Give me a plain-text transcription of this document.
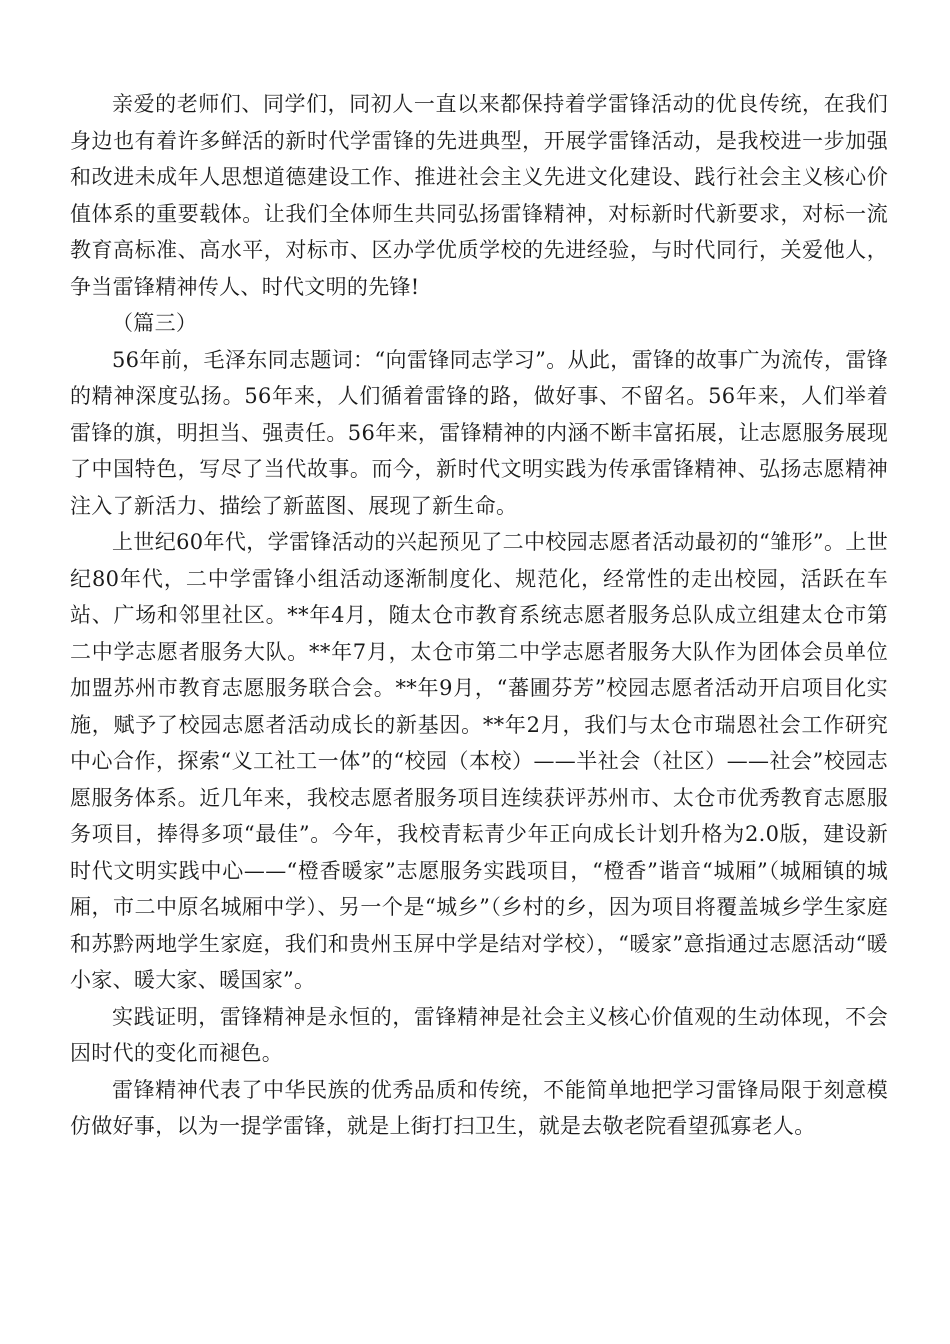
亲爱的老师们、同学们，同初人一直以来都保持着学雷锋活动的优良传统，在我们身边也有着许多鲜活的新时代学雷锋的先进典型，开展学雷锋活动，是我校进一步加强和改进未成年人思想道德建设工作、推进社会主义先进文化建设、践行社会主义核心价值体系的重要载体。让我们全体师生共同弘扬雷锋精神，对标新时代新要求，对标一流教育高标准、高水平，对标市、区办学优质学校的先进经验，与时代同行，关爱他人，争当雷锋精神传人、时代文明的先锋!

（篇三）

56年前，毛泽东同志题词：“向雷锋同志学习”。从此，雷锋的故事广为流传，雷锋的精神深度弘扬。56年来，人们循着雷锋的路，做好事、不留名。56年来，人们举着雷锋的旗，明担当、强责任。56年来，雷锋精神的内涵不断丰富拓展，让志愿服务展现了中国特色，写尽了当代故事。而今，新时代文明实践为传承雷锋精神、弘扬志愿精神注入了新活力、描绘了新蓝图、展现了新生命。

上世纪60年代，学雷锋活动的兴起预见了二中校园志愿者活动最初的“雏形”。上世纪80年代，二中学雷锋小组活动逐渐制度化、规范化，经常性的走出校园，活跃在车站、广场和邻里社区。**年4月，随太仓市教育系统志愿者服务总队成立组建太仓市第二中学志愿者服务大队。**年7月，太仓市第二中学志愿者服务大队作为团体会员单位加盟苏州市教育志愿服务联合会。**年9月，“蕃圃芬芳”校园志愿者活动开启项目化实施，赋予了校园志愿者活动成长的新基因。**年2月，我们与太仓市瑞恩社会工作研究中心合作，探索“义工社工一体”的“校园（本校）——半社会（社区）——社会”校园志愿服务体系。近几年来，我校志愿者服务项目连续获评苏州市、太仓市优秀教育志愿服务项目，捧得多项“最佳”。今年，我校青耘青少年正向成长计划升格为2.0版，建设新时代文明实践中心——“橙香暖家”志愿服务实践项目，“橙香”谐音“城厢”（城厢镇的城厢，市二中原名城厢中学）、另一个是“城乡”（乡村的乡，因为项目将覆盖城乡学生家庭和苏黔两地学生家庭，我们和贵州玉屏中学是结对学校），“暖家”意指通过志愿活动“暖小家、暖大家、暖国家”。

实践证明，雷锋精神是永恒的，雷锋精神是社会主义核心价值观的生动体现，不会因时代的变化而褪色。

雷锋精神代表了中华民族的优秀品质和传统，不能简单地把学习雷锋局限于刻意模仿做好事，以为一提学雷锋，就是上街打扫卫生，就是去敬老院看望孤寡老人。
